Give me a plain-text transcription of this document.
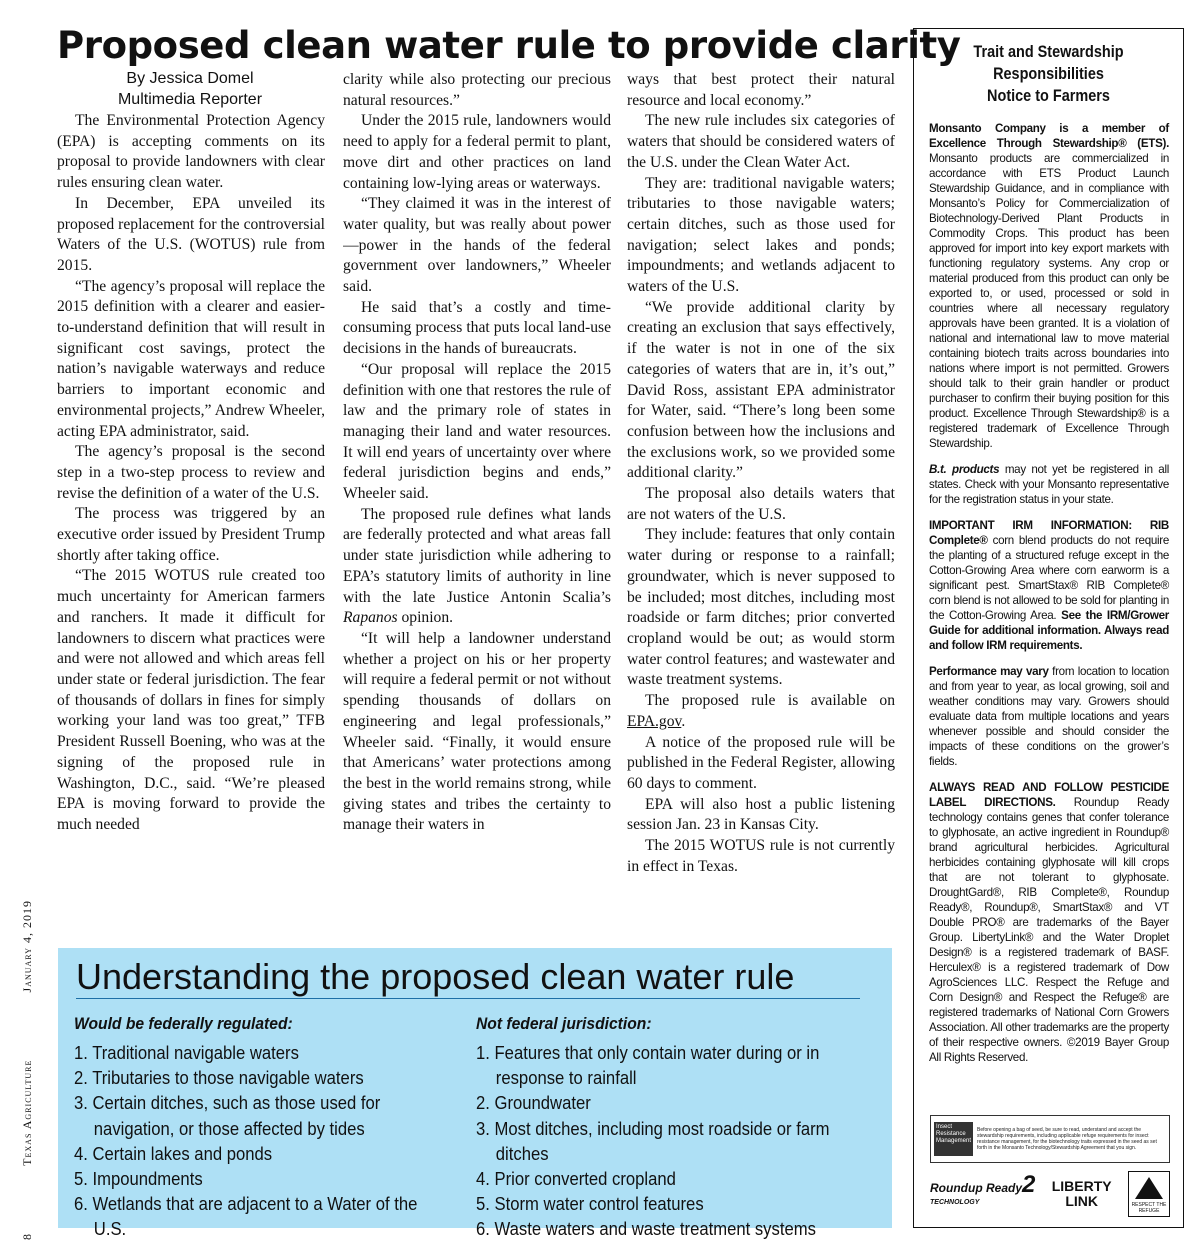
Proposed clean water rule to provide clarity
By Jessica Domel
Multimedia Reporter

The Environmental Protection Agency (EPA) is accepting comments on its proposal to provide landowners with clear rules ensuring clean water.

In December, EPA unveiled its proposed replacement for the controversial Waters of the U.S. (WOTUS) rule from 2015.

“The agency’s proposal will replace the 2015 definition with a clearer and easier-to-understand definition that will result in significant cost savings, protect the nation’s navigable waterways and reduce barriers to important economic and environmental projects,” Andrew Wheeler, acting EPA administrator, said.

The agency’s proposal is the second step in a two-step process to review and revise the definition of a water of the U.S.

The process was triggered by an executive order issued by President Trump shortly after taking office.

“The 2015 WOTUS rule created too much uncertainty for American farmers and ranchers. It made it difficult for landowners to discern what practices were and were not allowed and which areas fell under state or federal jurisdiction. The fear of thousands of dollars in fines for simply working your land was too great,” TFB President Russell Boening, who was at the signing of the proposed rule in Washington, D.C., said. “We’re pleased EPA is moving forward to provide the much needed

clarity while also protecting our precious natural resources.”

Under the 2015 rule, landowners would need to apply for a federal permit to plant, move dirt and other practices on land containing low-lying areas or waterways.

“They claimed it was in the interest of water quality, but was really about power—power in the hands of the federal government over landowners,” Wheeler said.

He said that’s a costly and time-consuming process that puts local land-use decisions in the hands of bureaucrats.

“Our proposal will replace the 2015 definition with one that restores the rule of law and the primary role of states in managing their land and water resources. It will end years of uncertainty over where federal jurisdiction begins and ends,” Wheeler said.

The proposed rule defines what lands are federally protected and what areas fall under state jurisdiction while adhering to EPA’s statutory limits of authority in line with the late Justice Antonin Scalia’s Rapanos opinion.

“It will help a landowner understand whether a project on his or her property will require a federal permit or not without spending thousands of dollars on engineering and legal professionals,” Wheeler said. “Finally, it would ensure that Americans’ water protections among the best in the world remains strong, while giving states and tribes the certainty to manage their waters in

ways that best protect their natural resource and local economy.”

The new rule includes six categories of waters that should be considered waters of the U.S. under the Clean Water Act.

They are: traditional navigable waters; tributaries to those navigable waters; certain ditches, such as those used for navigation; select lakes and ponds; impoundments; and wetlands adjacent to waters of the U.S.

“We provide additional clarity by creating an exclusion that says effectively, if the water is not in one of the six categories of waters that are in, it’s out,” David Ross, assistant EPA administrator for Water, said. “There’s long been some confusion between how the inclusions and the exclusions work, so we provided some additional clarity.”

The proposal also details waters that are not waters of the U.S.

They include: features that only contain water during or response to a rainfall; groundwater, which is never supposed to be included; most ditches, including most roadside or farm ditches; prior converted cropland would be out; as would storm water control features; and wastewater and waste treatment systems.

The proposed rule is available on EPA.gov.

A notice of the proposed rule will be published in the Federal Register, allowing 60 days to comment.

EPA will also host a public listening session Jan. 23 in Kansas City.

The 2015 WOTUS rule is not currently in effect in Texas.

8
Texas Agriculture
January 4, 2019 Understanding the proposed clean water rule
Would be federally regulated:
1. Traditional navigable waters
2. Tributaries to those navigable waters
3. Certain ditches, such as those used for navigation, or those affected by tides
4. Certain lakes and ponds
5. Impoundments
6. Wetlands that are adjacent to a Water of the U.S.
Not federal jurisdiction:
1. Features that only contain water during or in response to rainfall
2. Groundwater
3. Most ditches, including most roadside or farm ditches
4. Prior converted cropland
5. Storm water control features
6. Waste waters and waste treatment systems
Trait and Stewardship
Responsibilities
Notice to Farmers

Monsanto Company is a member of Excellence Through Stewardship® (ETS). Monsanto products are commercialized in accordance with ETS Product Launch Stewardship Guidance, and in compliance with Monsanto’s Policy for Commercialization of Biotechnology-Derived Plant Products in Commodity Crops. This product has been approved for import into key export markets with functioning regulatory systems. Any crop or material produced from this product can only be exported to, or used, processed or sold in countries where all necessary regulatory approvals have been granted. It is a violation of national and international law to move material containing biotech traits across boundaries into nations where import is not permitted. Growers should talk to their grain handler or product purchaser to confirm their buying position for this product. Excellence Through Stewardship® is a registered trademark of Excellence Through Stewardship.

B.t. products may not yet be registered in all states. Check with your Monsanto representative for the registration status in your state.

IMPORTANT IRM INFORMATION: RIB Complete® corn blend products do not require the planting of a structured refuge except in the Cotton-Growing Area where corn earworm is a significant pest. SmartStax® RIB Complete® corn blend is not allowed to be sold for planting in the Cotton-Growing Area. See the IRM/Grower Guide for additional information. Always read and follow IRM requirements.

Performance may vary from location to location and from year to year, as local growing, soil and weather conditions may vary. Growers should evaluate data from multiple locations and years whenever possible and should consider the impacts of these conditions on the grower’s fields.

ALWAYS READ AND FOLLOW PESTICIDE LABEL DIRECTIONS. Roundup Ready technology contains genes that confer tolerance to glyphosate, an active ingredient in Roundup® brand agricultural herbicides. Agricultural herbicides containing glyphosate will kill crops that are not tolerant to glyphosate. DroughtGard®, RIB Complete®, Roundup Ready®, Roundup®, SmartStax® and VT Double PRO® are trademarks of the Bayer Group. LibertyLink® and the Water Droplet Design® is a registered trademark of BASF. Herculex® is a registered trademark of Dow AgroSciences LLC. Respect the Refuge and Corn Design® and Respect the Refuge® are registered trademarks of National Corn Growers Association. All other trademarks are the property of their respective owners. ©2019 Bayer Group All Rights Reserved.

Insect Resistance Management
Before opening a bag of seed, be sure to read, understand and accept the stewardship requirements, including applicable refuge requirements for insect resistance management, for the biotechnology traits expressed in the seed as set forth in the Monsanto Technology/Stewardship Agreement that you sign.
Roundup Ready2
TECHNOLOGY
LIBERTY LINK	RESPECT THE REFUGE
